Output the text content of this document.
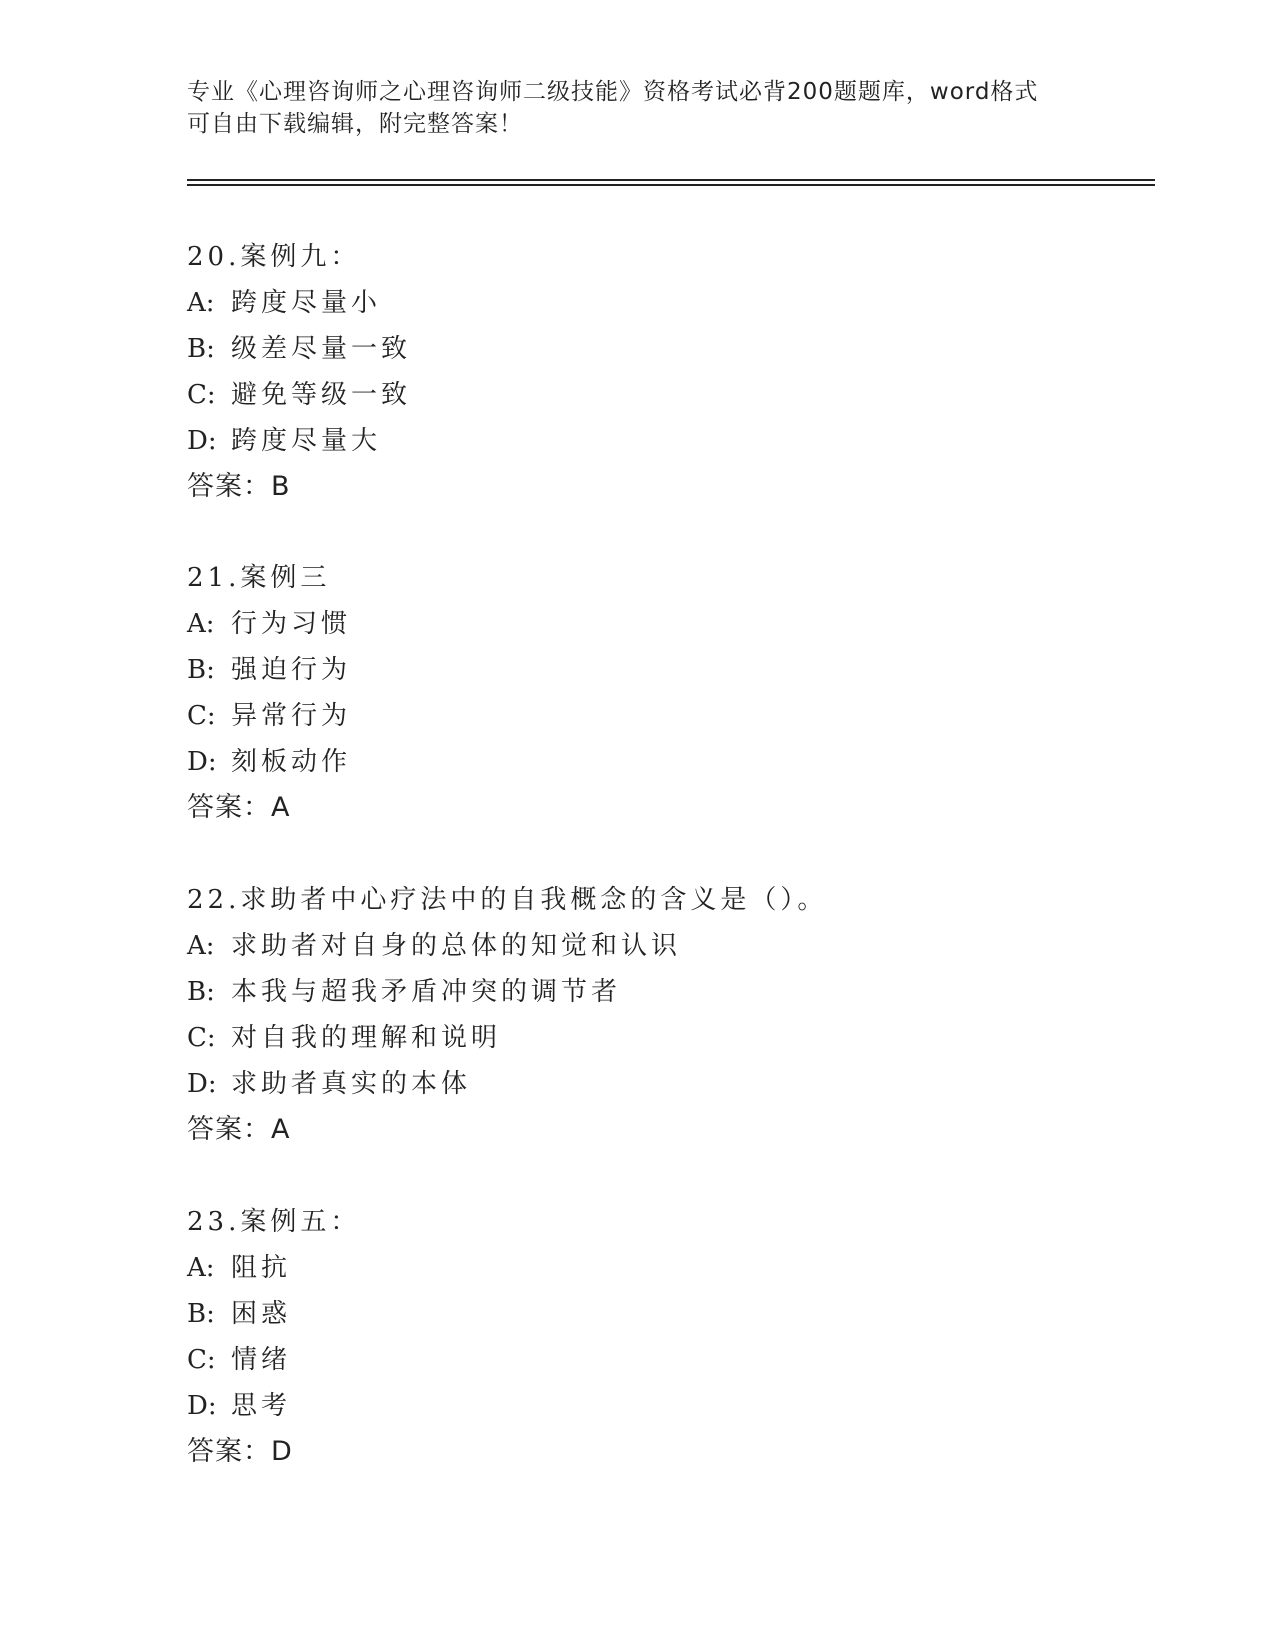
专业《心理咨询师之心理咨询师二级技能》资格考试必背200题题库，word格式

可自由下载编辑，附完整答案！

20.案例九：
A: 跨度尽量小
B: 级差尽量一致
C: 避免等级一致
D: 跨度尽量大
答案：B
21.案例三
A: 行为习惯
B: 强迫行为
C: 异常行为
D: 刻板动作
答案：A
22.求助者中心疗法中的自我概念的含义是（）。
A: 求助者对自身的总体的知觉和认识
B: 本我与超我矛盾冲突的调节者
C: 对自我的理解和说明
D: 求助者真实的本体
答案：A
23.案例五：
A: 阻抗
B: 困惑
C: 情绪
D: 思考
答案：D
